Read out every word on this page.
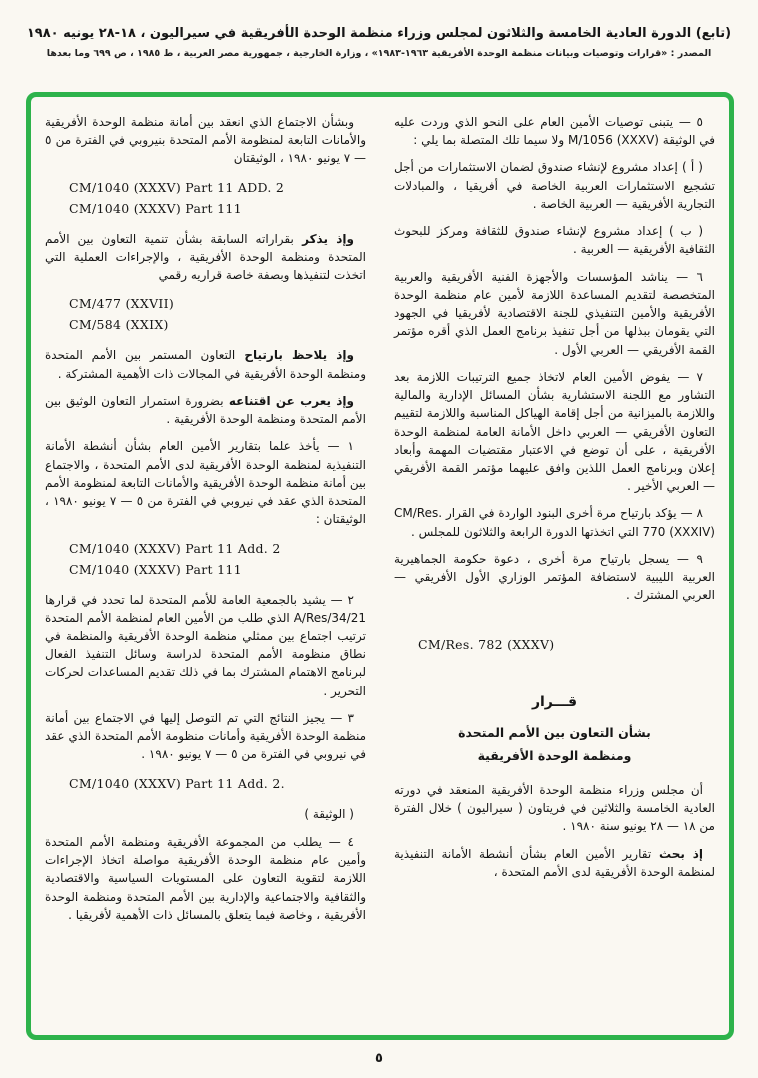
(تابع) الدورة العادية الخامسة والثلاثون لمجلس وزراء منظمة الوحدة الأفريقية في سيراليون ، ١٨-٢٨ يونيه ١٩٨٠
المصدر : «قرارات وتوصيات وبيانات منظمة الوحدة الأفريقية ١٩٦٣-١٩٨٣» ، وزارة الخارجية ، جمهورية مصر العربية ، ط ١٩٨٥ ، ص ٦٩٩ وما بعدها

٥ — يتبنى توصيات الأمين العام على النحو الذي وردت عليه في الوثيقة M/1056 (XXXV) ولا سيما تلك المتصلة بما يلي :

( أ ) إعداد مشروع لإنشاء صندوق لضمان الاستثمارات من أجل تشجيع الاستثمارات العربية الخاصة في أفريقيا ، والمبادلات التجارية الأفريقية — العربية الخاصة .

( ب ) إعداد مشروع لإنشاء صندوق للثقافة ومركز للبحوث الثقافية الأفريقية — العربية .

٦ — يناشد المؤسسات والأجهزة الفنية الأفريقية والعربية المتخصصة لتقديم المساعدة اللازمة لأمين عام منظمة الوحدة الأفريقية والأمين التنفيذي للجنة الاقتصادية لأفريقيا في الجهود التي يقومان ببذلها من أجل تنفيذ برنامج العمل الذي أقره مؤتمر القمة الأفريقي — العربي الأول .

٧ — يفوض الأمين العام لاتخاذ جميع الترتيبات اللازمة بعد التشاور مع اللجنة الاستشارية بشأن المسائل الإدارية والمالية واللازمة بالميزانية من أجل إقامة الهياكل المناسبة واللازمة لتقييم التعاون الأفريقي — العربي داخل الأمانة العامة لمنظمة الوحدة الأفريقية ، على أن توضع في الاعتبار مقتضيات المهمة وأبعاد إعلان وبرنامج العمل اللذين وافق عليهما مؤتمر القمة الأفريقي — العربي الأخير .

٨ — يؤكد بارتياح مرة أخرى البنود الواردة في القرار CM/Res. 770 (XXXIV) التي اتخذتها الدورة الرابعة والثلاثون للمجلس .

٩ — يسجل بارتياح مرة أخرى ، دعوة حكومة الجماهيرية العربية الليبية لاستضافة المؤتمر الوزاري الأول الأفريقي — العربي المشترك .

CM/Res. 782 (XXXV)

قـــرار
بشأن التعاون بين الأمم المتحدة
ومنظمة الوحدة الأفريقية

أن مجلس وزراء منظمة الوحدة الأفريقية المنعقد في دورته العادية الخامسة والثلاثين في فريتاون ( سيراليون ) خلال الفترة من ١٨ — ٢٨ يونيو سنة ١٩٨٠ .

إذ بحث تقارير الأمين العام بشأن أنشطة الأمانة التنفيذية لمنظمة الوحدة الأفريقية لدى الأمم المتحدة ،

وبشأن الاجتماع الذي انعقد بين أمانة منظمة الوحدة الأفريقية والأمانات التابعة لمنظومة الأمم المتحدة بنيروبي في الفترة من ٥ — ٧ يونيو ١٩٨٠ ، الوثيقتان

CM/1040 (XXXV) Part 11 ADD. 2

CM/1040 (XXXV) Part 111

وإذ يذكر بقراراته السابقة بشأن تنمية التعاون بين الأمم المتحدة ومنظمة الوحدة الأفريقية ، والإجراءات العملية التي اتخذت لتنفيذها وبصفة خاصة قراريه رقمي

CM/477 (XXVII)

CM/584 (XXIX)

وإذ يلاحظ بارتياح التعاون المستمر بين الأمم المتحدة ومنظمة الوحدة الأفريقية في المجالات ذات الأهمية المشتركة .

وإذ يعرب عن اقتناعه بضرورة استمرار التعاون الوثيق بين الأمم المتحدة ومنظمة الوحدة الأفريقية .

١ — يأخذ علما بتقارير الأمين العام بشأن أنشطة الأمانة التنفيذية لمنظمة الوحدة الأفريقية لدى الأمم المتحدة ، والاجتماع بين أمانة منظمة الوحدة الأفريقية والأمانات التابعة لمنظومة الأمم المتحدة الذي عقد في نيروبي في الفترة من ٥ — ٧ يونيو ١٩٨٠ ، الوثيقتان :

CM/1040 (XXXV) Part 11 Add. 2

CM/1040 (XXXV) Part 111

٢ — يشيد بالجمعية العامة للأمم المتحدة لما تحدد في قرارها A/Res/34/21 الذي طلب من الأمين العام لمنظمة الأمم المتحدة ترتيب اجتماع بين ممثلي منظمة الوحدة الأفريقية والمنظمة في نطاق منظومة الأمم المتحدة لدراسة وسائل التنفيذ الفعال لبرنامج الاهتمام المشترك بما في ذلك تقديم المساعدات لحركات التحرير .

٣ — يجيز النتائج التي تم التوصل إليها في الاجتماع بين أمانة منظمة الوحدة الأفريقية وأمانات منظومة الأمم المتحدة الذي عقد في نيروبي في الفترة من ٥ — ٧ يونيو ١٩٨٠ .

CM/1040 (XXXV) Part 11 Add. 2.

( الوثيقة )

٤ — يطلب من المجموعة الأفريقية ومنظمة الأمم المتحدة وأمين عام منظمة الوحدة الأفريقية مواصلة اتخاذ الإجراءات اللازمة لتقوية التعاون على المستويات السياسية والاقتصادية والثقافية والاجتماعية والإدارية بين الأمم المتحدة ومنظمة الوحدة الأفريقية ، وخاصة فيما يتعلق بالمسائل ذات الأهمية لأفريقيا .

٥
